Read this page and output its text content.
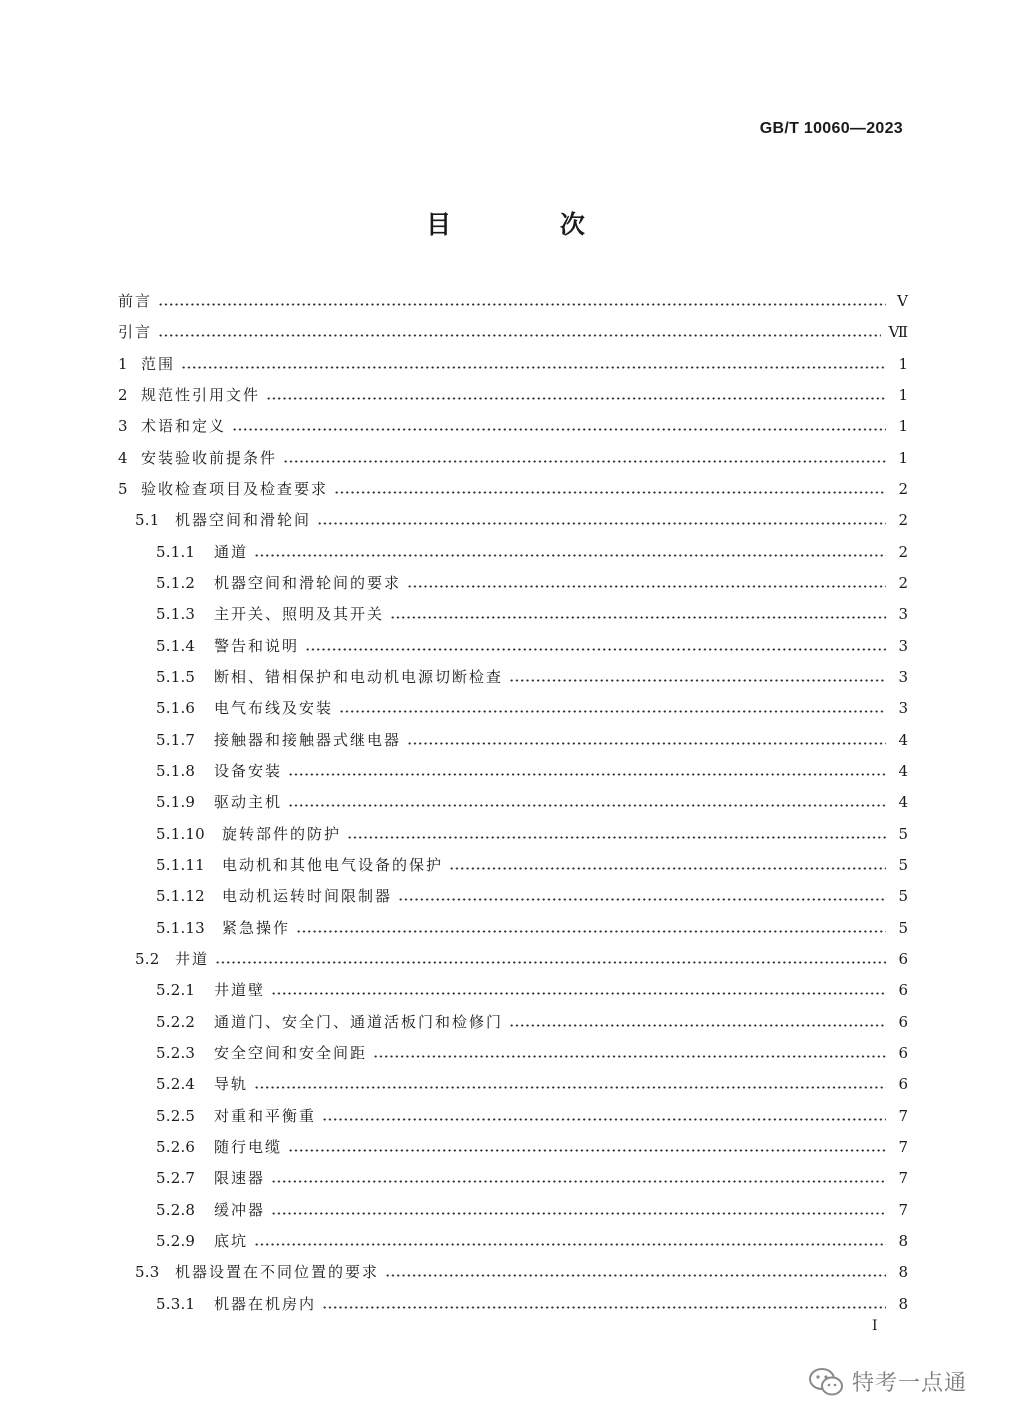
GB/T 10060—2023
目 次
前言	V
引言	Ⅶ
1 范围	1
2 规范性引用文件	1
3 术语和定义	1
4 安装验收前提条件	1
5 验收检查项目及检查要求	2
5.1	机器空间和滑轮间	2
5.1.1	通道	2
5.1.2	机器空间和滑轮间的要求	2
5.1.3	主开关、照明及其开关	3
5.1.4	警告和说明	3
5.1.5	断相、错相保护和电动机电源切断检查	3
5.1.6	电气布线及安装	3
5.1.7	接触器和接触器式继电器	4
5.1.8	设备安装	4
5.1.9	驱动主机	4
5.1.10	旋转部件的防护	5
5.1.11	电动机和其他电气设备的保护	5
5.1.12	电动机运转时间限制器	5
5.1.13	紧急操作	5
5.2	井道	6
5.2.1	井道壁	6
5.2.2	通道门、安全门、通道活板门和检修门	6
5.2.3	安全空间和安全间距	6
5.2.4	导轨	6
5.2.5	对重和平衡重	7
5.2.6	随行电缆	7
5.2.7	限速器	7
5.2.8	缓冲器	7
5.2.9	底坑	8
5.3	机器设置在不同位置的要求	8
5.3.1	机器在机房内	8
I
特考一点通
